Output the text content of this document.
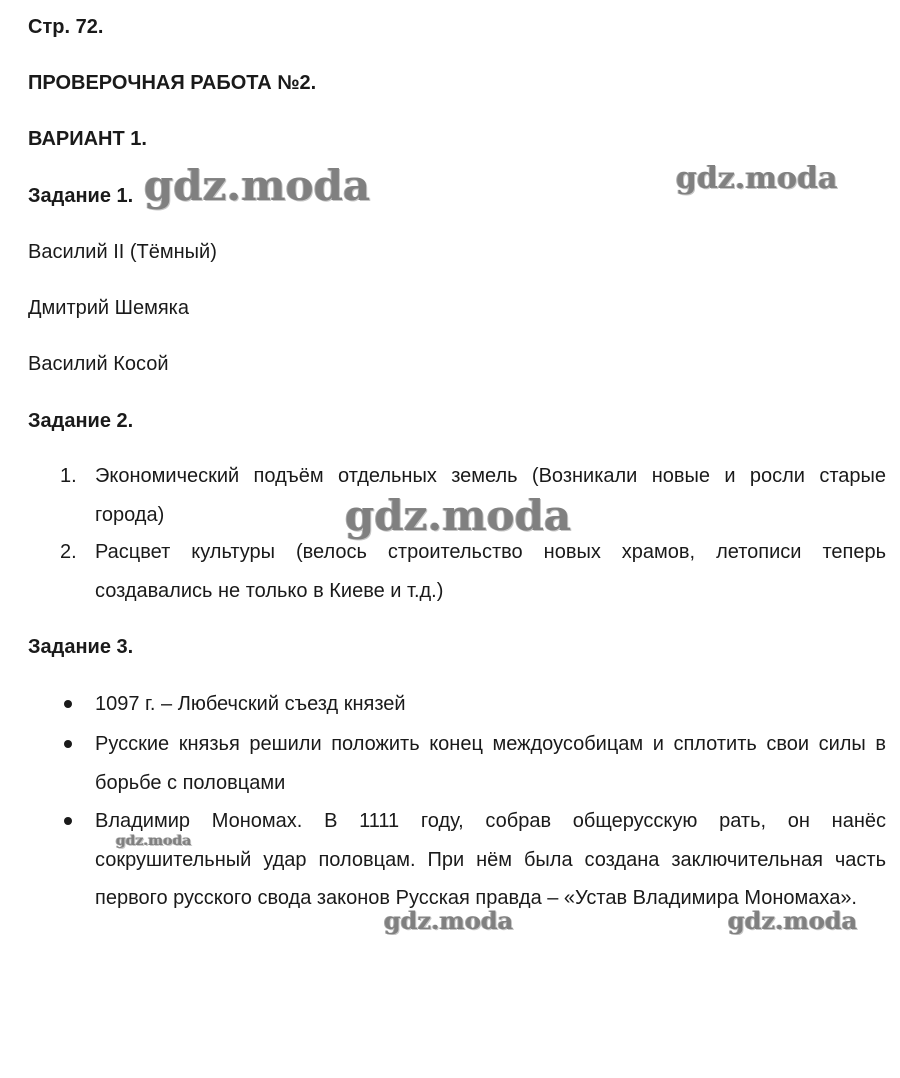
Стр. 72.
ПРОВЕРОЧНАЯ РАБОТА №2.
ВАРИАНТ 1.
Задание 1.
Василий II (Тёмный)
Дмитрий Шемяка
Василий Косой
Задание 2.
1. Экономический подъём отдельных земель (Возникали новые и росли старые города)
2. Расцвет культуры (велось строительство новых храмов, летописи теперь создавались не только в Киеве и т.д.)
Задание 3.
1097 г. – Любечский съезд князей
Русские князья решили положить конец междоусобицам и сплотить свои силы в борьбе с половцами
Владимир Мономах. В 1111 году, собрав общерусскую рать, он нанёс сокрушительный удар половцам. При нём была создана заключительная часть первого русского свода законов Русская правда – «Устав Владимира Мономаха».
gdz.moda	gdz.moda
gdz.moda
gdz.moda
gdz.moda	gdz.moda
